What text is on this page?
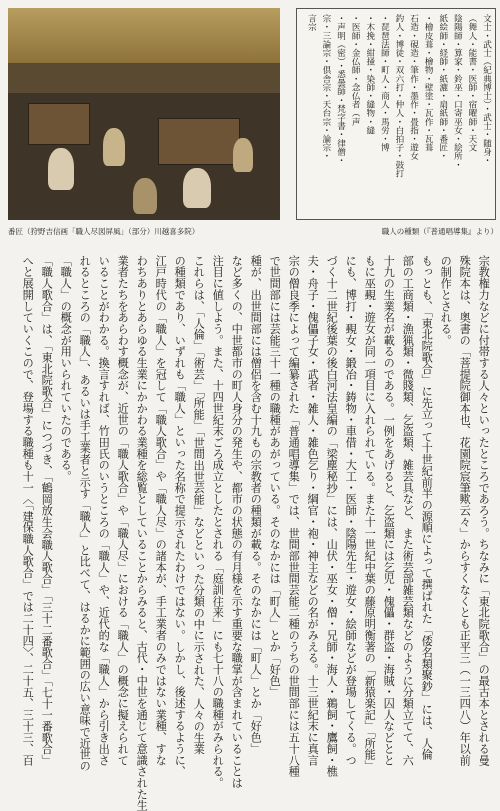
番匠（狩野吉信画「職人尽図屏風」（部分）川越喜多院）
文士・武士（紀典博士）・武士・随身・
（舞人・能書・医師・宿曜師・天文
陰陽師・算家・鈴巫・口寄巫女・絵所・
紙絵師・経師・紙漉・扇紙師・番匠・
・檜皮葺・檜物・壁塗・瓦作・瓦葺
石造・硯造・筆作・墨作・畳指・遊女
釣人・博徒・双六打・仲人・白拍子・鼓打
・琵琶法師・町人・商人・馬労・博
・木挽・紺掻・染師・縫物・縫
・医師・金仏師・念仏者（声
・声明（密）・悉曇師・梵字書・律僧・
宗・三論宗・倶舎宗・天台宗・論宗・
言宗
職人の種類（『普通唱導集』より）
宗教権力などに付帯する人々といったところであろう。ちなみに「東北院歌合」の最古本とされる曼
殊院本は、奥書の「菩提院御本也、花園院宸筆歟云々」からすくなくとも正平三（一三四八）年以前
の制作とされる。
もっとも、「東北院歌合」に先立って十世紀前半の源順によって撰ばれた「倭名類聚鈔」には、人倫
部の工商類・漁猟類・微賤類、乞盗類、雑芸具など、また術芸部雑芸類などのように分類立てて、六
十九の生業名が載るのである。一例をあげると、乞盗類には乞児・傀儡・群盗・海賊・囚人などとと
もに巫覡・遊女が同一項目に入れられている。また十一世紀中葉の藤原明衡著の「新猿楽記」「所能」
にも、博打・覡女・鍛冶・鋳物・車借・大工・医師・陰陽先生・遊女・絵師などが登場してくる。つ
づく十二世紀後葉の後白河法皇編の「梁塵秘抄」には、山伏・巫女・僧・兄師・海人・鵜飼・鷹飼・樵
夫・舟子・傀儡子女・武者・雑人・雑色乞り・綱官・袍・神主などの名がみえる。十三世紀末に真言
宗の僧良季によって編纂された「普通唱導集」では、世間部世間芸能二種のうちの世間部には五十八種
で世間部には芸能三十一種の職種があがっている。そのなかには「町人」とか「好色」
種が、出世間部には僧侶を含む十九もの宗教者の種類が載る。そのなかには「町人」とか「好色」
など多くの、中世都市の町人身分の発生や、都市の状態の有月様を示す重要な職掌が含まれていることは
注目に値しよう。また、十四世紀末ごろ成立としたとされる「庭訓往来」にも七十八の職種がみられる。
これらは、「人倫」「術芸」「所能」「世間出世芸能」などといった分類の中に示された、人々の生業
の種類であり、いずれも「職人」といった名称で提示されたわけではない。しかし、後述するように、
江戸時代の「職人」を冠して「職人歌合」や「職人尽」の諸本が、手工業者のみではない業種、すな
わちありとあらゆる生業にかかわる業種を総覧としていることからみると、古代・中世を通じて意識された生
業者たちをあらわす概念が、近世の「職人歌合」や「職人尽」における「職人」の概念に擬えられて
いることがわかる。換言すれば、竹田氏のいうところの「職人」や、近代的な「職人」から引き出さ
れるところの「職人」、あるいは手工業者と示す「職人」と比べて、はるかに範囲の広い意味で近世の
「職人」の概念が用いられていたのである。
「職人歌合」は、「東北院歌合」につづき、「鶴岡放生会職人歌合」「三十二番歌合」「七十一番歌合」
へと展開していくこので、登場する職種も十一〈「建保職人歌合」では二十四〉、二十五、三十三、百
